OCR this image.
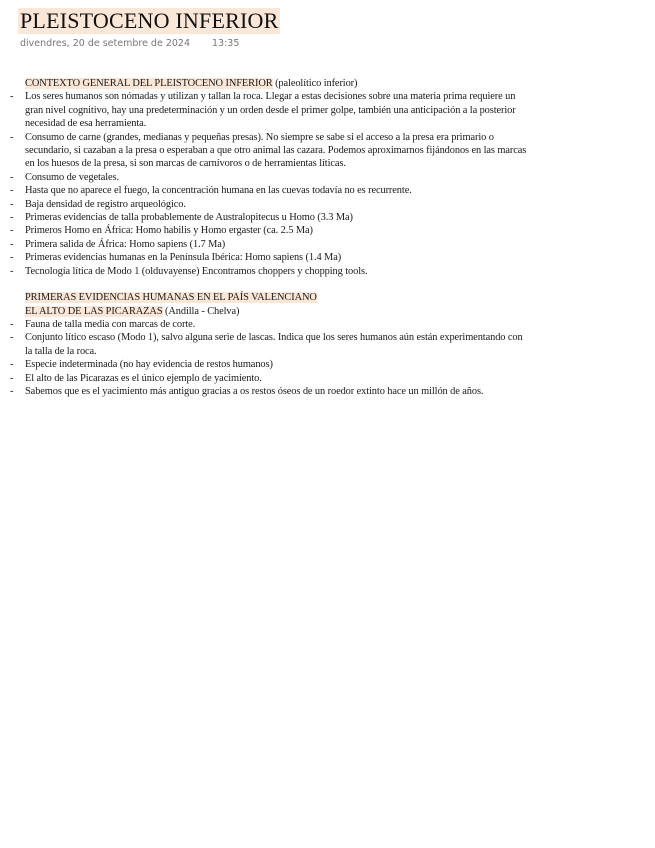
PLEISTOCENO INFERIOR
divendres, 20 de setembre de 2024 13:35
CONTEXTO GENERAL DEL PLEISTOCENO INFERIOR (paleolítico inferior)
- Los seres humanos son nómadas y utilizan y tallan la roca. Llegar a estas decisiones sobre una materia prima requiere un gran nivel cognitivo, hay una predeterminación y un orden desde el primer golpe, también una anticipación a la posterior necesidad de esa herramienta.
- Consumo de carne (grandes, medianas y pequeñas presas). No siempre se sabe si el acceso a la presa era primario o secundario, si cazaban a la presa o esperaban a que otro animal las cazara. Podemos aproximarnos fijándonos en las marcas en los huesos de la presa, si son marcas de carnívoros o de herramientas líticas.
- Consumo de vegetales.
- Hasta que no aparece el fuego, la concentración humana en las cuevas todavía no es recurrente.
- Baja densidad de registro arqueológico.
- Primeras evidencias de talla probablemente de Australopitecus u Homo (3.3 Ma)
- Primeros Homo en África: Homo habilis y Homo ergaster (ca. 2.5 Ma)
- Primera salida de África: Homo sapiens (1.7 Ma)
- Primeras evidencias humanas en la Península Ibérica: Homo sapiens (1.4 Ma)
- Tecnología lítica de Modo 1 (olduvayense) Encontramos choppers y chopping tools.
PRIMERAS EVIDENCIAS HUMANAS EN EL PAÍS VALENCIANO
EL ALTO DE LAS PICARAZAS (Andilla - Chelva)
- Fauna de talla media con marcas de corte.
- Conjunto lítico escaso (Modo 1), salvo alguna serie de lascas. Indica que los seres humanos aún están experimentando con la talla de la roca.
- Especie indeterminada (no hay evidencia de restos humanos)
- El alto de las Picarazas es el único ejemplo de yacimiento.
- Sabemos que es el yacimiento más antiguo gracias a os restos óseos de un roedor extinto hace un millón de años.
